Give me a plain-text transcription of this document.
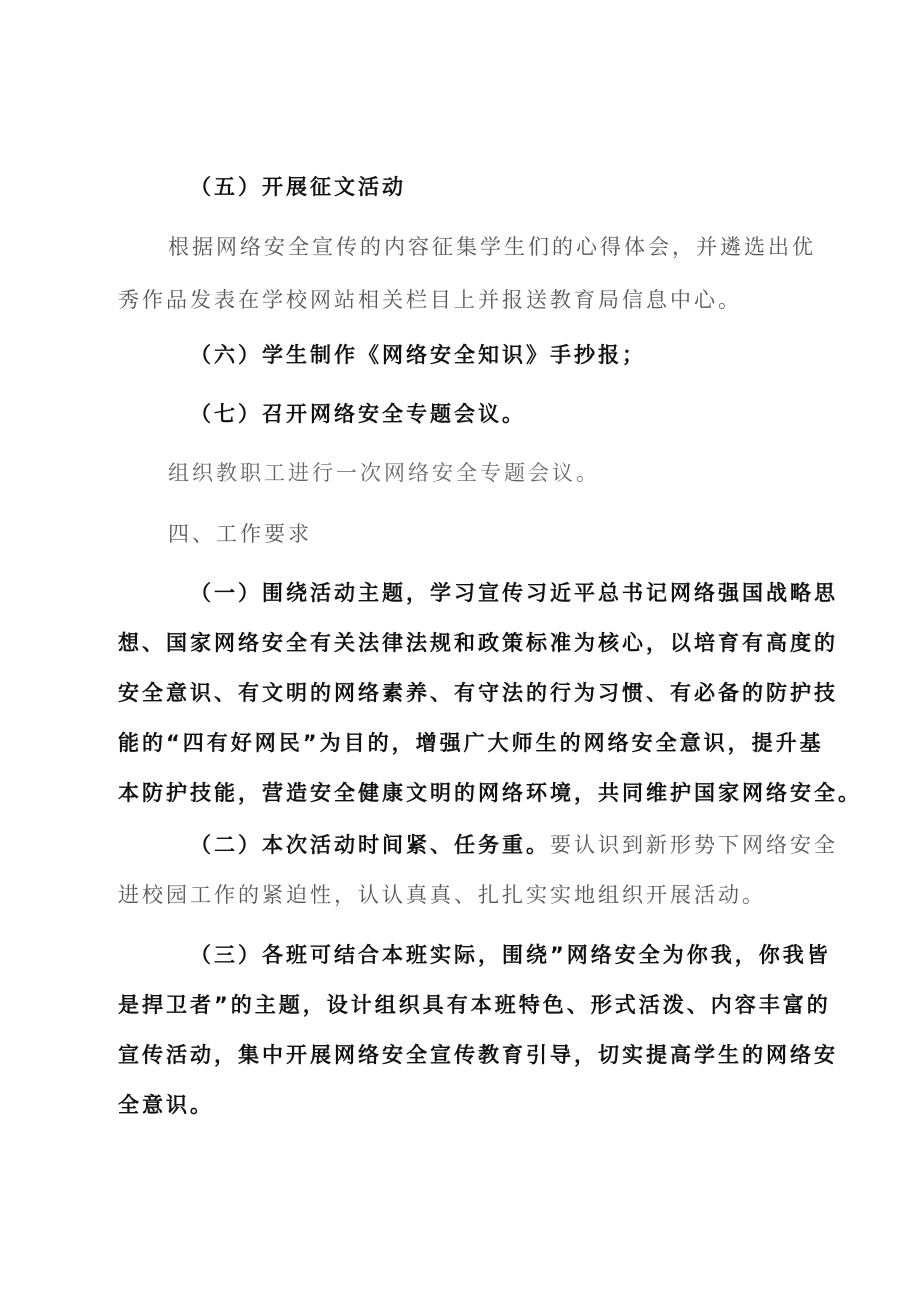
（五）开展征文活动
根据网络安全宣传的内容征集学生们的心得体会，并遴选出优
秀作品发表在学校网站相关栏目上并报送教育局信息中心。
（六）学生制作《网络安全知识》手抄报；
（七）召开网络安全专题会议。
组织教职工进行一次网络安全专题会议。
四、工作要求
（一）围绕活动主题，学习宣传习近平总书记网络强国战略思
想、国家网络安全有关法律法规和政策标准为核心，以培育有高度的
安全意识、有文明的网络素养、有守法的行为习惯、有必备的防护技
能的“四有好网民”为目的，增强广大师生的网络安全意识，提升基
本防护技能，营造安全健康文明的网络环境，共同维护国家网络安全。
（二）本次活动时间紧、任务重。要认识到新形势下网络安全
进校园工作的紧迫性，认认真真、扎扎实实地组织开展活动。
（三）各班可结合本班实际，围绕”网络安全为你我，你我皆
是捍卫者”的主题，设计组织具有本班特色、形式活泼、内容丰富的
宣传活动，集中开展网络安全宣传教育引导，切实提高学生的网络安
全意识。
